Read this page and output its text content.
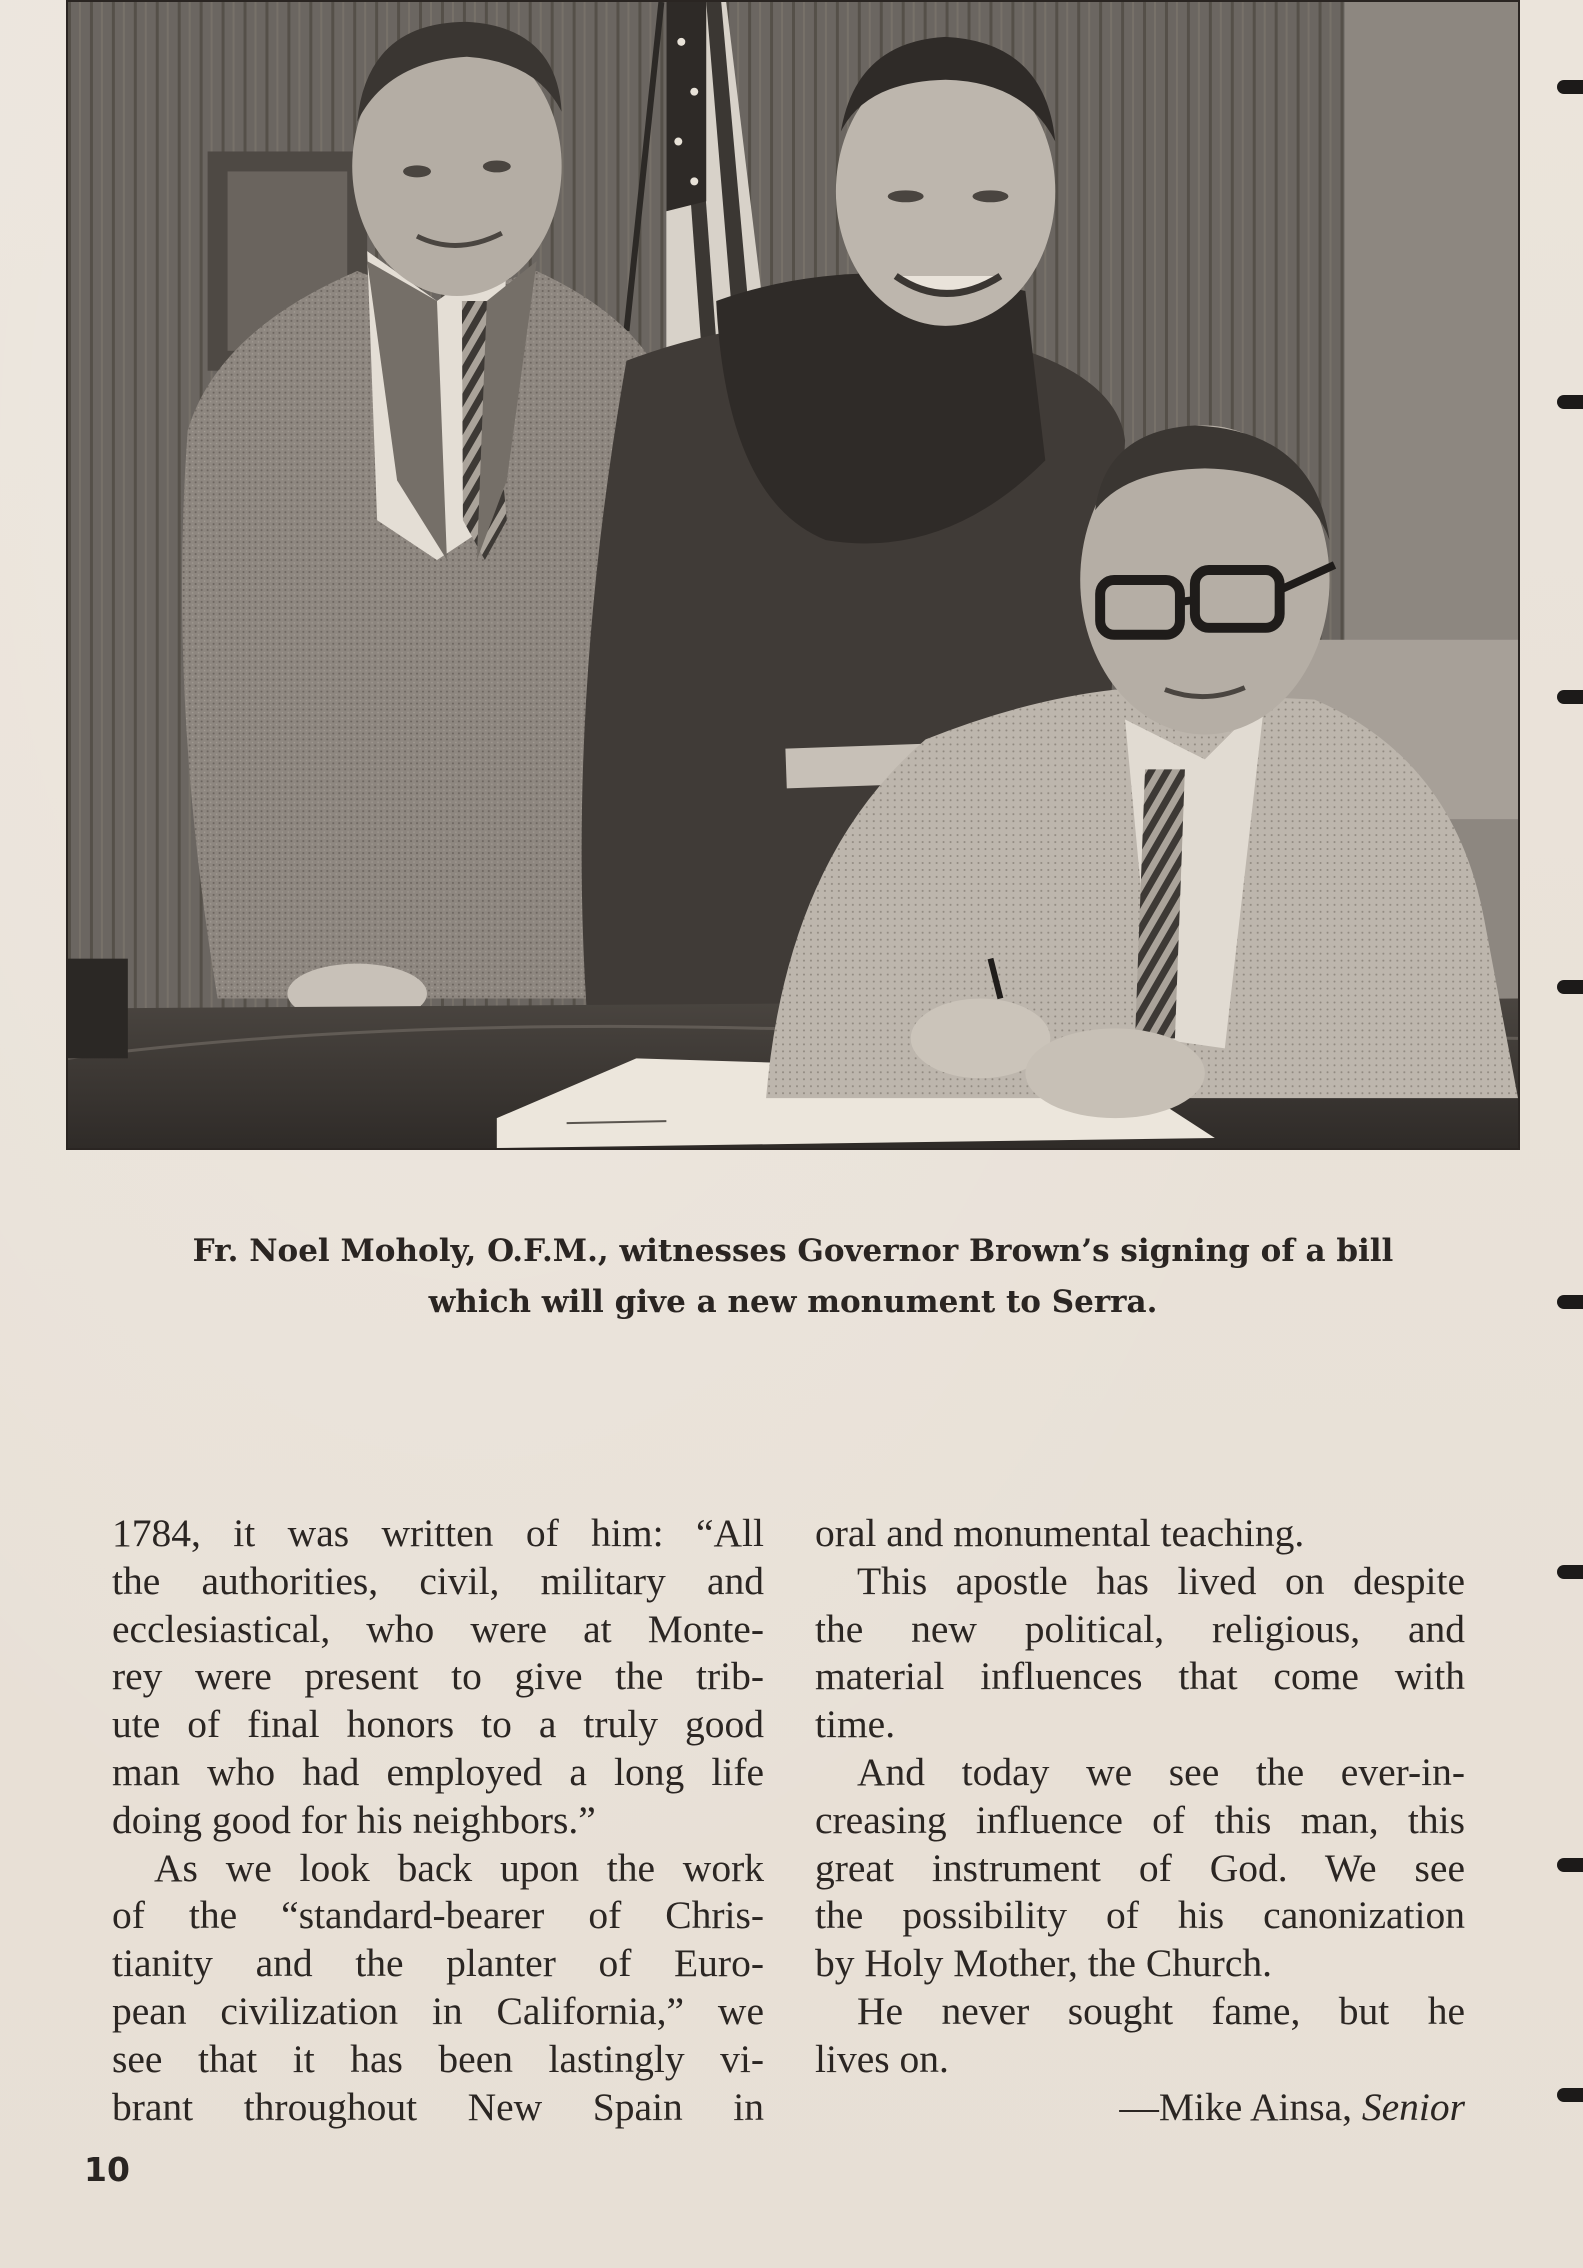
Fr. Noel Moholy, O.F.M., witnesses Governor Brown’s signing of a bill
which will give a new monument to Serra.
1784, it was written of him: “All
the authorities, civil, military and
ecclesiastical, who were at Monte-
rey were present to give the trib-
ute of final honors to a truly good
man who had employed a long life
doing good for his neighbors.”
As we look back upon the work
of the “standard-bearer of Chris-
tianity and the planter of Euro-
pean civilization in California,” we
see that it has been lastingly vi-
brant throughout New Spain in
oral and monumental teaching.
This apostle has lived on despite
the new political, religious, and
material influences that come with
time.
And today we see the ever-in-
creasing influence of this man, this
great instrument of God. We see
the possibility of his canonization
by Holy Mother, the Church.
He never sought fame, but he
lives on.
—Mike Ainsa, Senior
10
